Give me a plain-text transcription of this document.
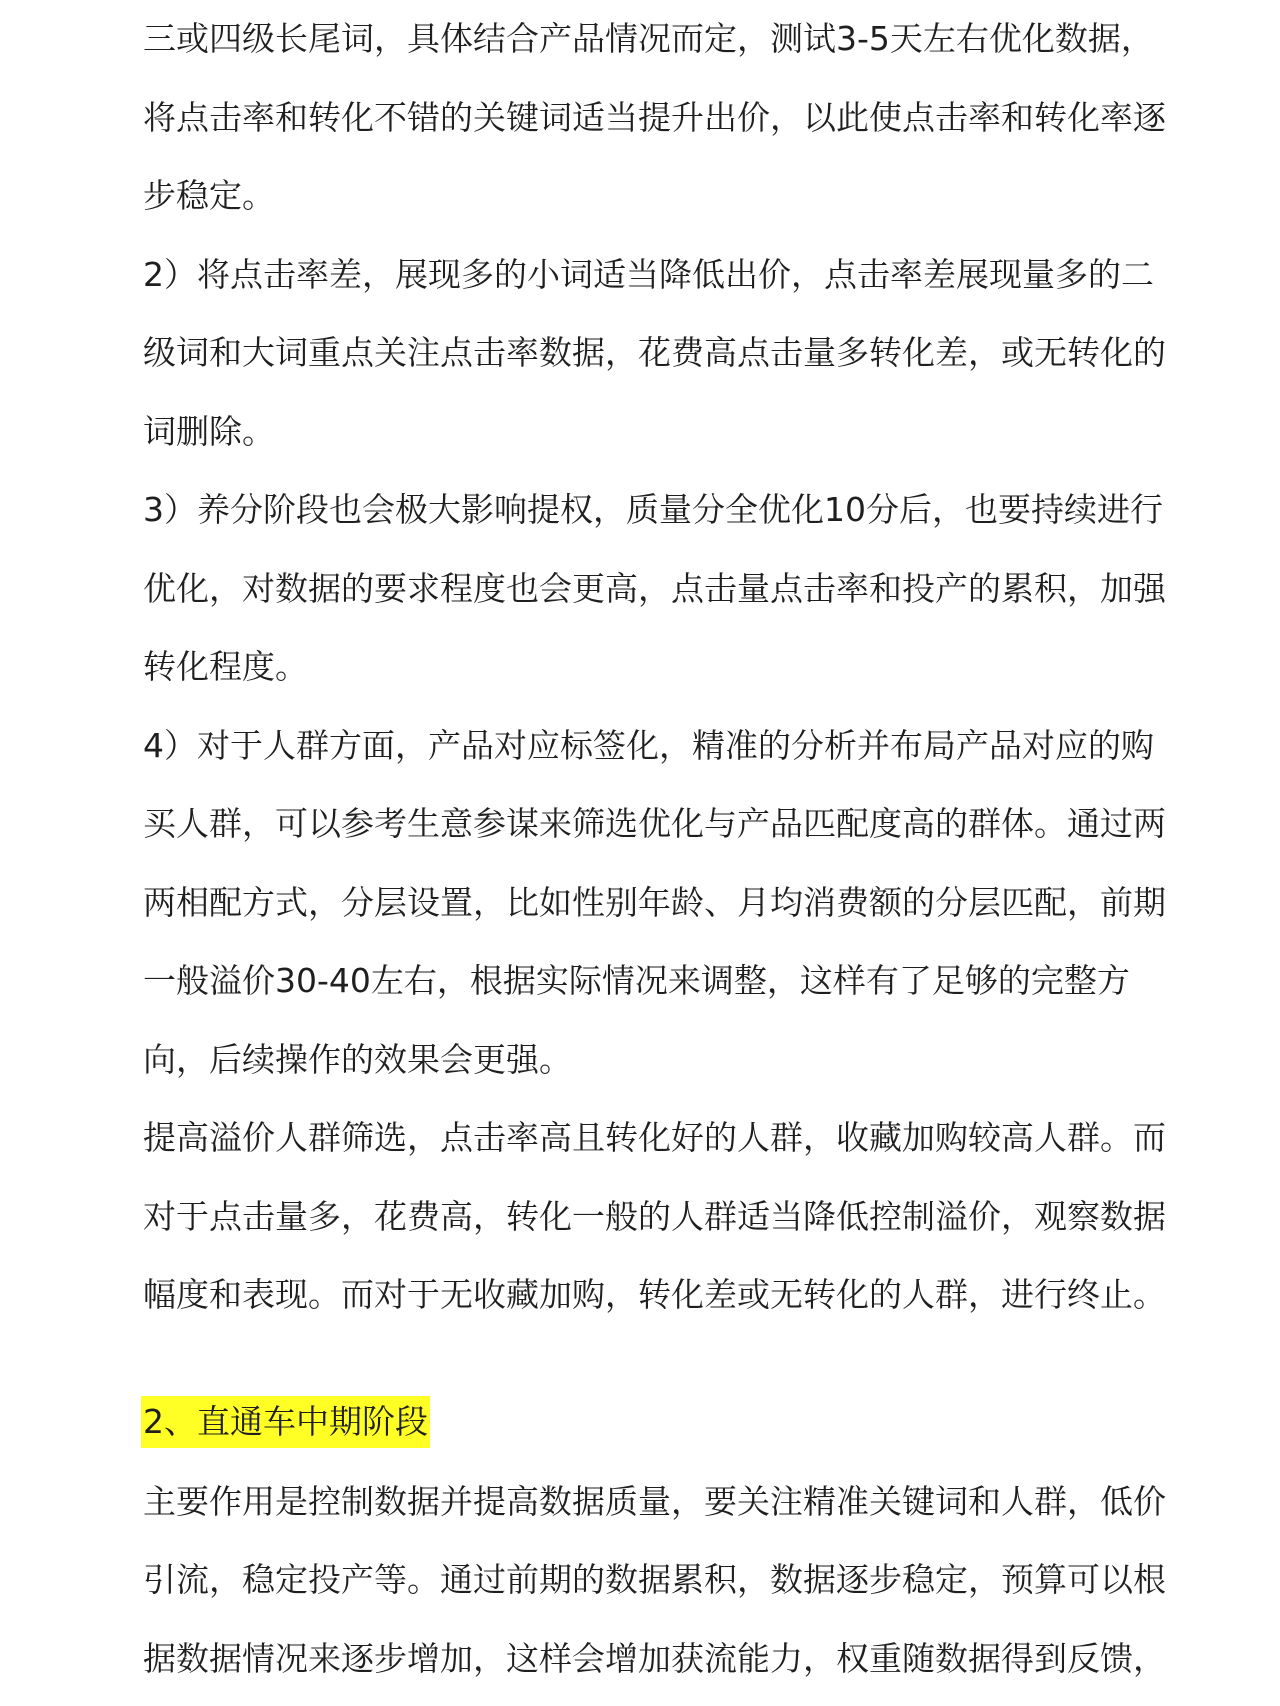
三或四级长尾词，具体结合产品情况而定，测试3-5天左右优化数据，将点击率和转化不错的关键词适当提升出价，以此使点击率和转化率逐步稳定。

2）将点击率差，展现多的小词适当降低出价，点击率差展现量多的二级词和大词重点关注点击率数据，花费高点击量多转化差，或无转化的词删除。

3）养分阶段也会极大影响提权，质量分全优化10分后，也要持续进行优化，对数据的要求程度也会更高，点击量点击率和投产的累积，加强转化程度。

4）对于人群方面，产品对应标签化，精准的分析并布局产品对应的购买人群，可以参考生意参谋来筛选优化与产品匹配度高的群体。通过两两相配方式，分层设置，比如性别年龄、月均消费额的分层匹配，前期一般溢价30-40左右，根据实际情况来调整，这样有了足够的完整方向，后续操作的效果会更强。

提高溢价人群筛选，点击率高且转化好的人群，收藏加购较高人群。而对于点击量多，花费高，转化一般的人群适当降低控制溢价，观察数据幅度和表现。而对于无收藏加购，转化差或无转化的人群，进行终止。

2、直通车中期阶段

主要作用是控制数据并提高数据质量，要关注精准关键词和人群，低价引流，稳定投产等。通过前期的数据累积，数据逐步稳定，预算可以根据数据情况来逐步增加，这样会增加获流能力，权重随数据得到反馈，
